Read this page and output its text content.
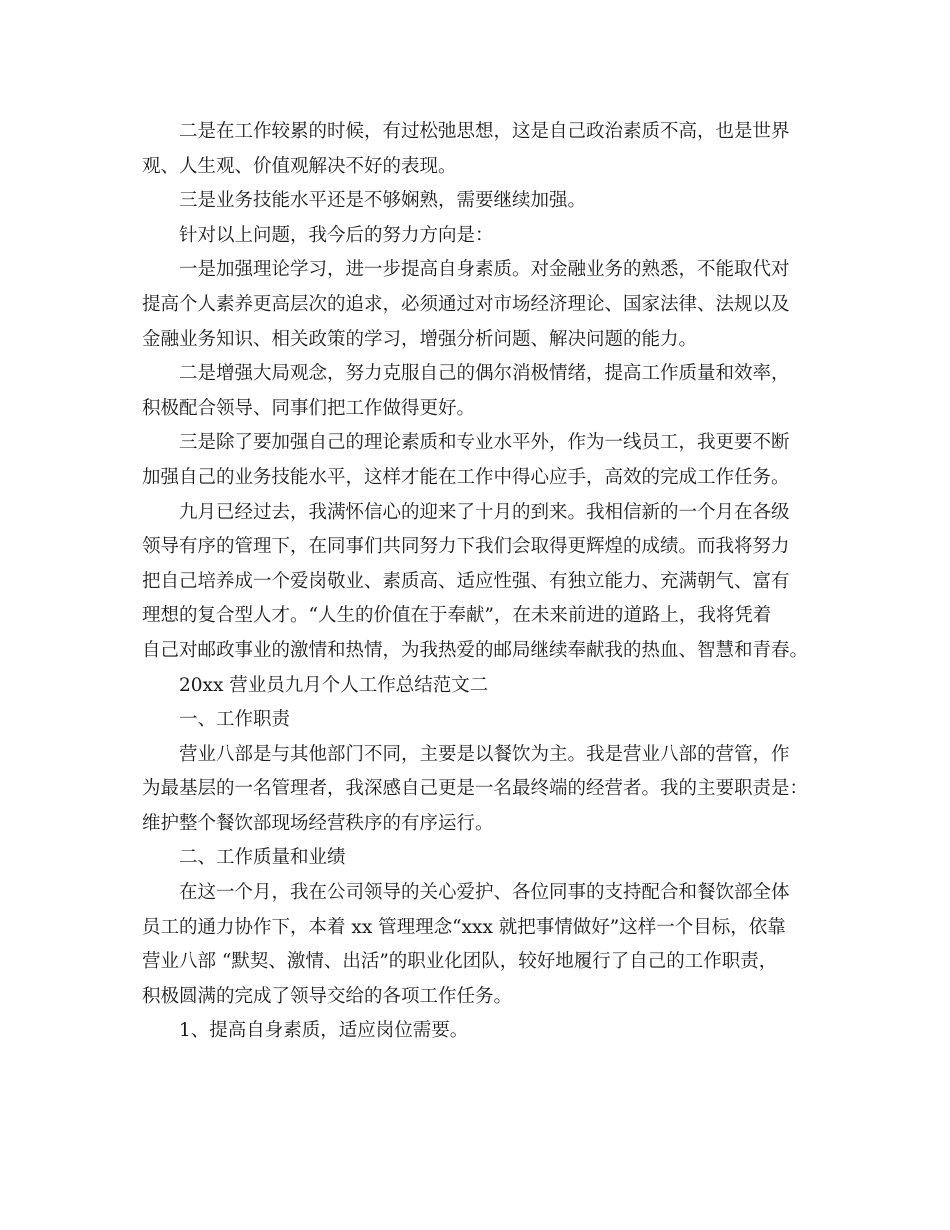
二是在工作较累的时候，有过松弛思想，这是自己政治素质不高，也是世界

观、人生观、价值观解决不好的表现。

三是业务技能水平还是不够娴熟，需要继续加强。

针对以上问题，我今后的努力方向是：

一是加强理论学习，进一步提高自身素质。对金融业务的熟悉，不能取代对

提高个人素养更高层次的追求，必须通过对市场经济理论、国家法律、法规以及

金融业务知识、相关政策的学习，增强分析问题、解决问题的能力。

二是增强大局观念，努力克服自己的偶尔消极情绪，提高工作质量和效率，

积极配合领导、同事们把工作做得更好。

三是除了要加强自己的理论素质和专业水平外，作为一线员工，我更要不断

加强自己的业务技能水平，这样才能在工作中得心应手，高效的完成工作任务。

九月已经过去，我满怀信心的迎来了十月的到来。我相信新的一个月在各级

领导有序的管理下，在同事们共同努力下我们会取得更辉煌的成绩。而我将努力

把自己培养成一个爱岗敬业、素质高、适应性强、有独立能力、充满朝气、富有

理想的复合型人才。“人生的价值在于奉献”，在未来前进的道路上，我将凭着

自己对邮政事业的激情和热情，为我热爱的邮局继续奉献我的热血、智慧和青春。

20xx 营业员九月个人工作总结范文二

一、工作职责

营业八部是与其他部门不同，主要是以餐饮为主。我是营业八部的营管，作

为最基层的一名管理者，我深感自己更是一名最终端的经营者。我的主要职责是：

维护整个餐饮部现场经营秩序的有序运行。

二、工作质量和业绩

在这一个月，我在公司领导的关心爱护、各位同事的支持配合和餐饮部全体

员工的通力协作下，本着 xx 管理理念“xxx 就把事情做好”这样一个目标，依靠

营业八部 “默契、激情、出活”的职业化团队，较好地履行了自己的工作职责，

积极圆满的完成了领导交给的各项工作任务。

1、提高自身素质，适应岗位需要。
